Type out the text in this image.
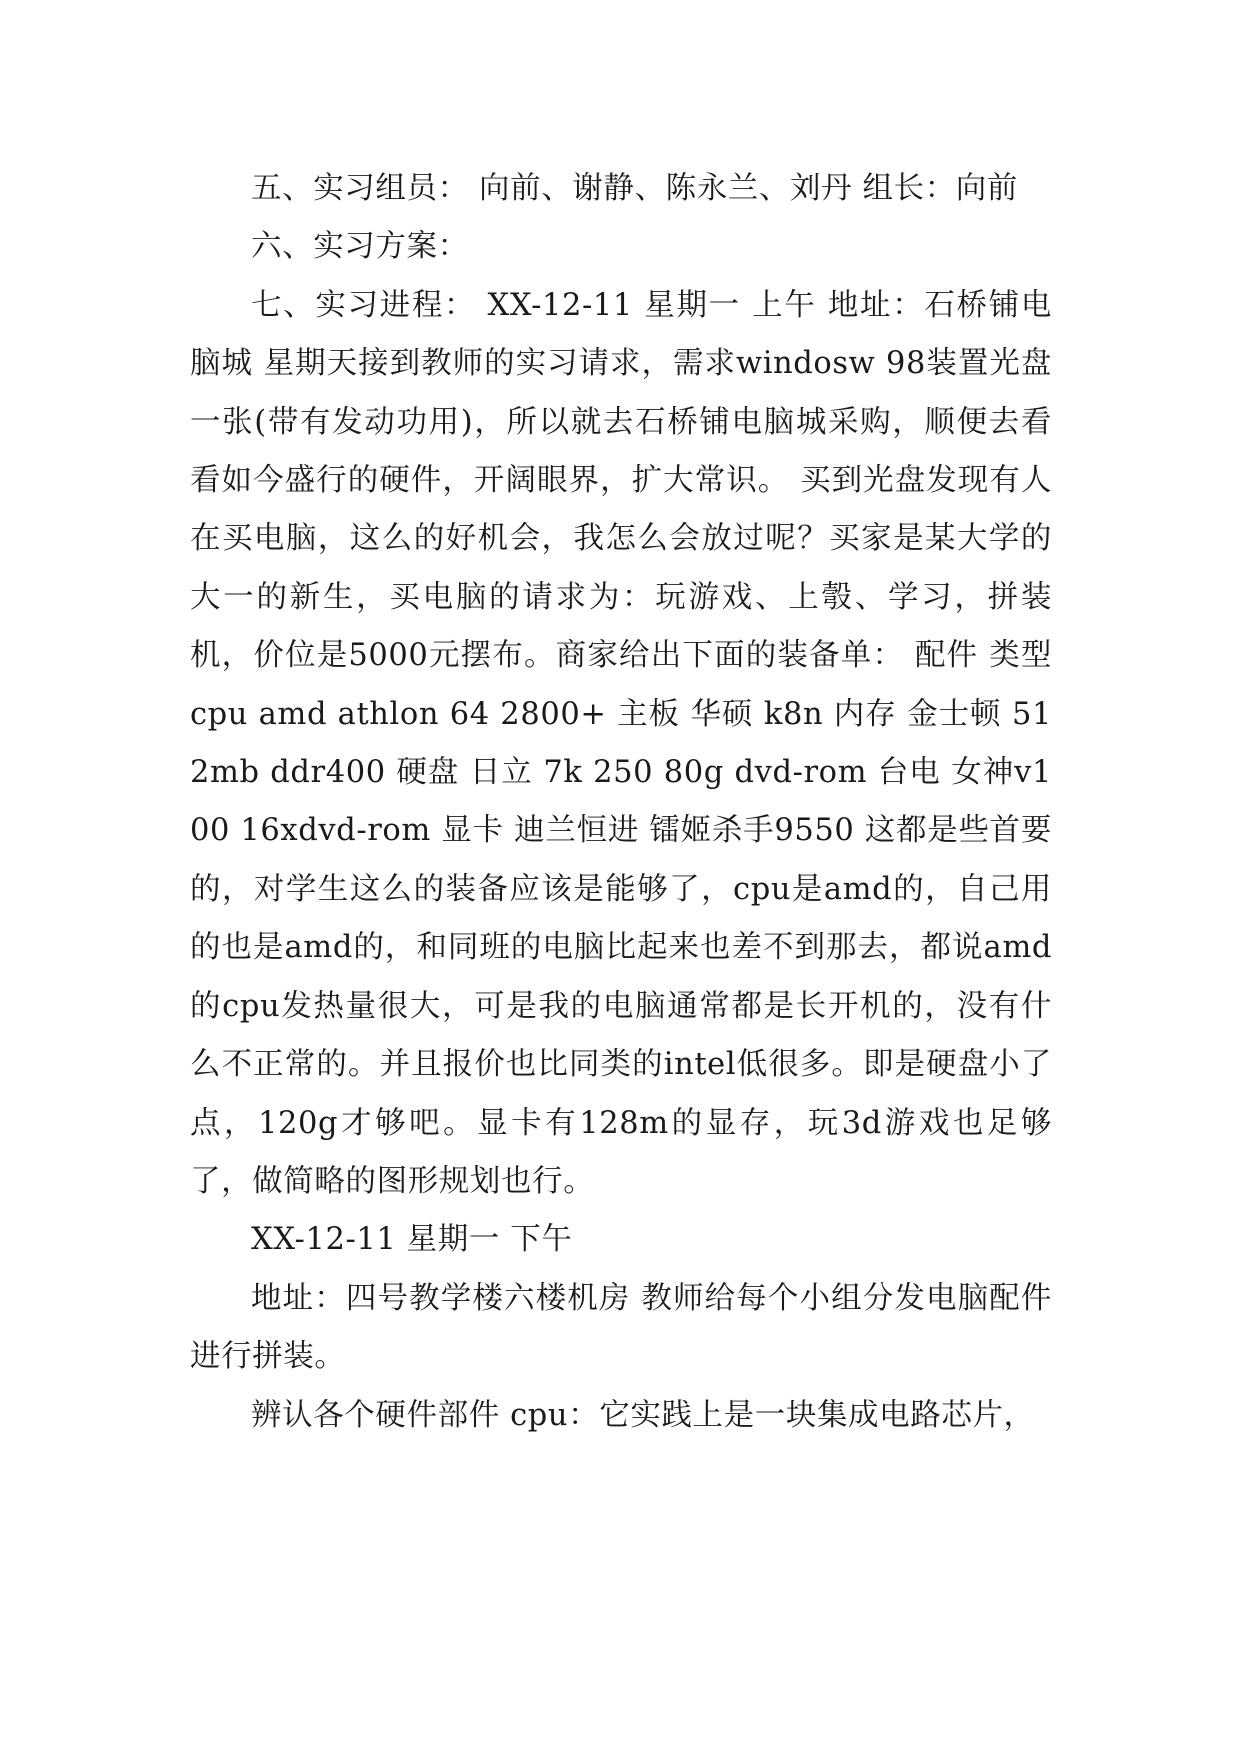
五、实习组员： 向前、谢静、陈永兰、刘丹 组长：向前

六、实习方案：

七、实习进程： XX-12-11 星期一 上午 地址：石桥铺电脑城 星期天接到教师的实习请求，需求windosw 98装置光盘一张(带有发动功用)，所以就去石桥铺电脑城采购，顺便去看看如今盛行的硬件，开阔眼界，扩大常识。 买到光盘发现有人在买电脑，这么的好机会，我怎么会放过呢？买家是某大学的大一的新生，买电脑的请求为：玩游戏、上彀、学习，拼装机，价位是5000元摆布。商家给出下面的装备单： 配件 类型 cpu amd athlon 64 2800+ 主板 华硕 k8n 内存 金士顿 512mb ddr400 硬盘 日立 7k 250 80g dvd-rom 台电 女神v100 16xdvd-rom 显卡 迪兰恒进 镭姬杀手9550 这都是些首要的，对学生这么的装备应该是能够了，cpu是amd的，自己用的也是amd的，和同班的电脑比起来也差不到那去，都说amd的cpu发热量很大，可是我的电脑通常都是长开机的，没有什么不正常的。并且报价也比同类的intel低很多。即是硬盘小了点，120g才够吧。显卡有128m的显存，玩3d游戏也足够了，做简略的图形规划也行。

XX-12-11 星期一 下午

地址：四号教学楼六楼机房 教师给每个小组分发电脑配件进行拼装。

辨认各个硬件部件 cpu：它实践上是一块集成电路芯片，
